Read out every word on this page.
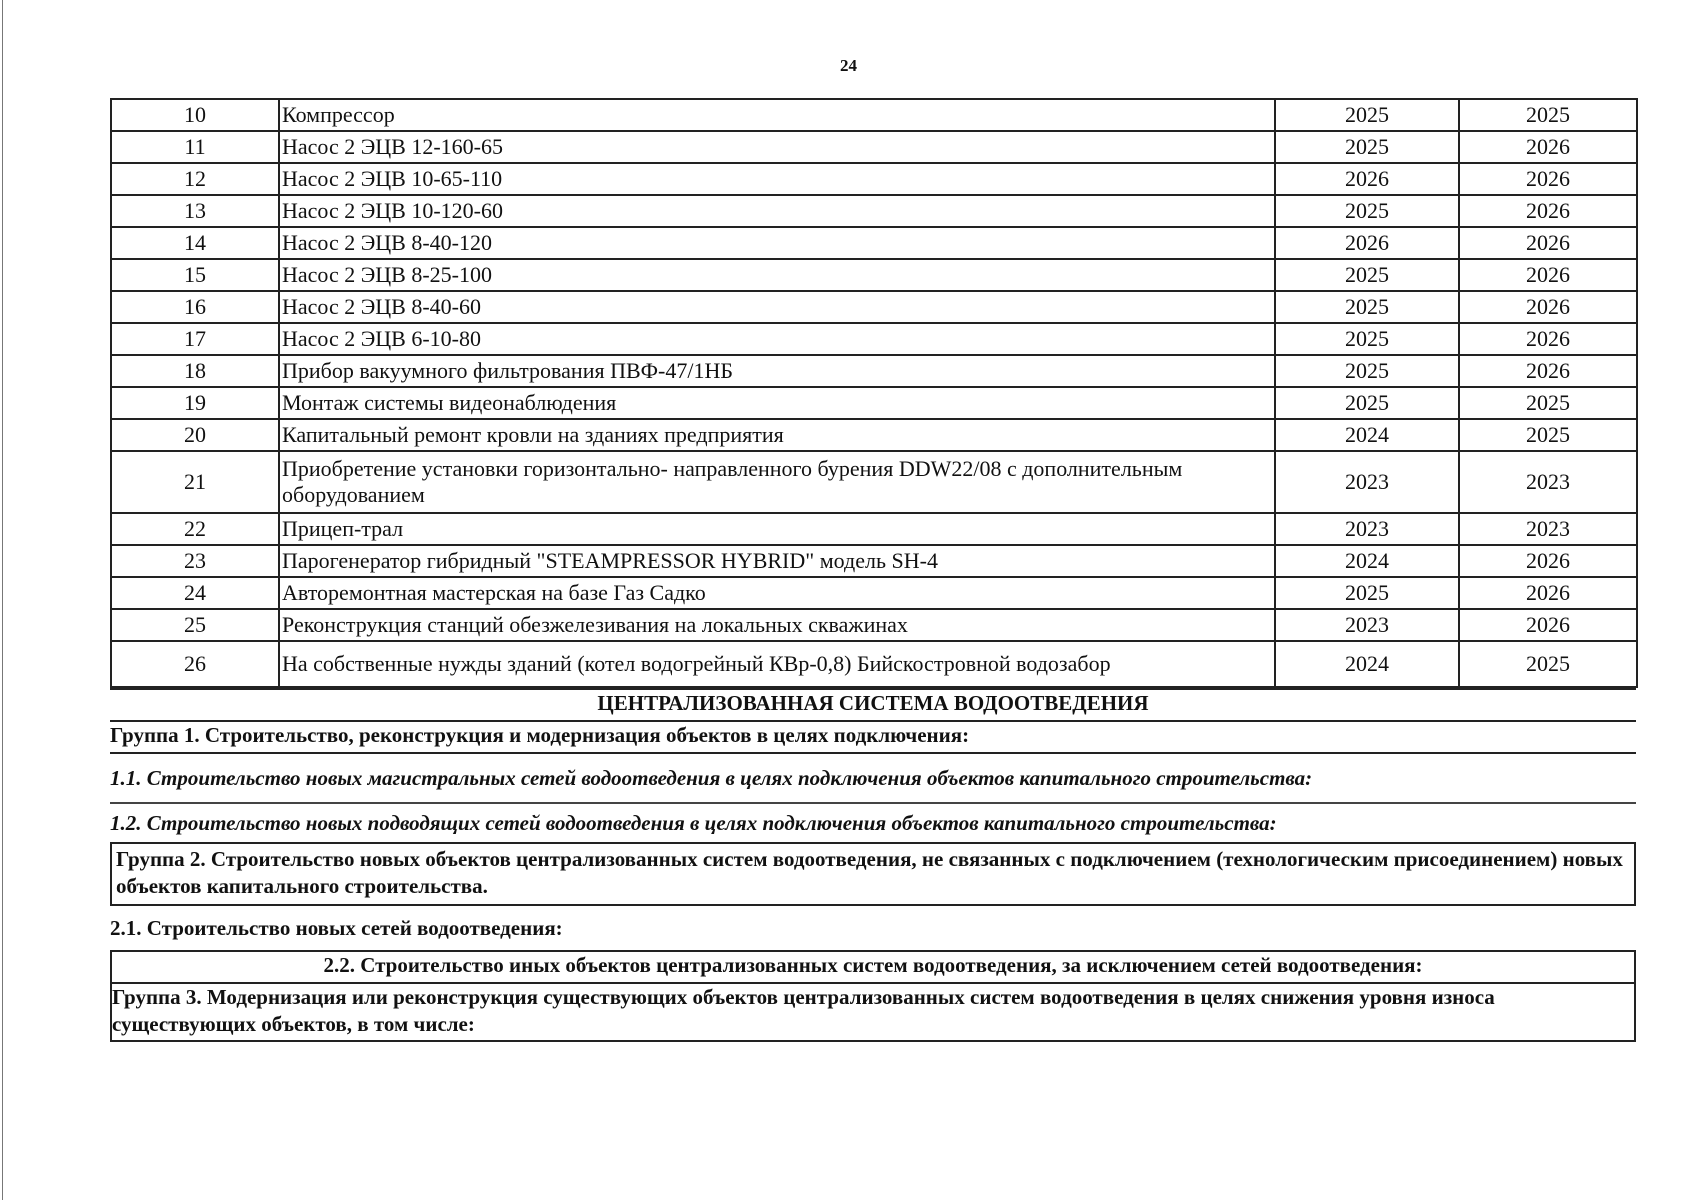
24
10	Компрессор	2025	2025
11	Насос 2 ЭЦВ 12-160-65	2025	2026
12	Насос 2 ЭЦВ 10-65-110	2026	2026
13	Насос 2 ЭЦВ 10-120-60	2025	2026
14	Насос 2 ЭЦВ 8-40-120	2026	2026
15	Насос 2 ЭЦВ 8-25-100	2025	2026
16	Насос 2 ЭЦВ 8-40-60	2025	2026
17	Насос 2 ЭЦВ 6-10-80	2025	2026
18	Прибор вакуумного фильтрования ПВФ-47/1НБ	2025	2026
19	Монтаж системы видеонаблюдения	2025	2025
20	Капитальный ремонт кровли на зданиях предприятия	2024	2025
21	Приобретение установки горизонтально- направленного бурения DDW22/08 с дополнительным оборудованием	2023	2023
22	Прицеп-трал	2023	2023
23	Парогенератор гибридный "STEAMPRESSOR HYBRID" модель SH-4	2024	2026
24	Авторемонтная мастерская на базе Газ Садко	2025	2026
25	Реконструкция станций обезжелезивания на локальных скважинах	2023	2026
26	На собственные нужды зданий (котел водогрейный КВр-0,8) Бийскостровной водозабор	2024	2025
ЦЕНТРАЛИЗОВАННАЯ СИСТЕМА ВОДООТВЕДЕНИЯ
Группа 1. Строительство, реконструкция и модернизация объектов в целях подключения:
1.1. Строительство новых магистральных сетей водоотведения в целях подключения объектов капитального строительства:
1.2. Строительство новых подводящих сетей водоотведения в целях подключения объектов капитального строительства:
Группа 2. Строительство новых объектов централизованных систем водоотведения, не связанных с подключением (технологическим присоединением) новых объектов капитального строительства.
2.1. Строительство новых сетей водоотведения:
2.2. Строительство иных объектов централизованных систем водоотведения, за исключением сетей водоотведения:
Группа 3. Модернизация или реконструкция существующих объектов централизованных систем водоотведения в целях снижения уровня износа существующих объектов, в том числе:
